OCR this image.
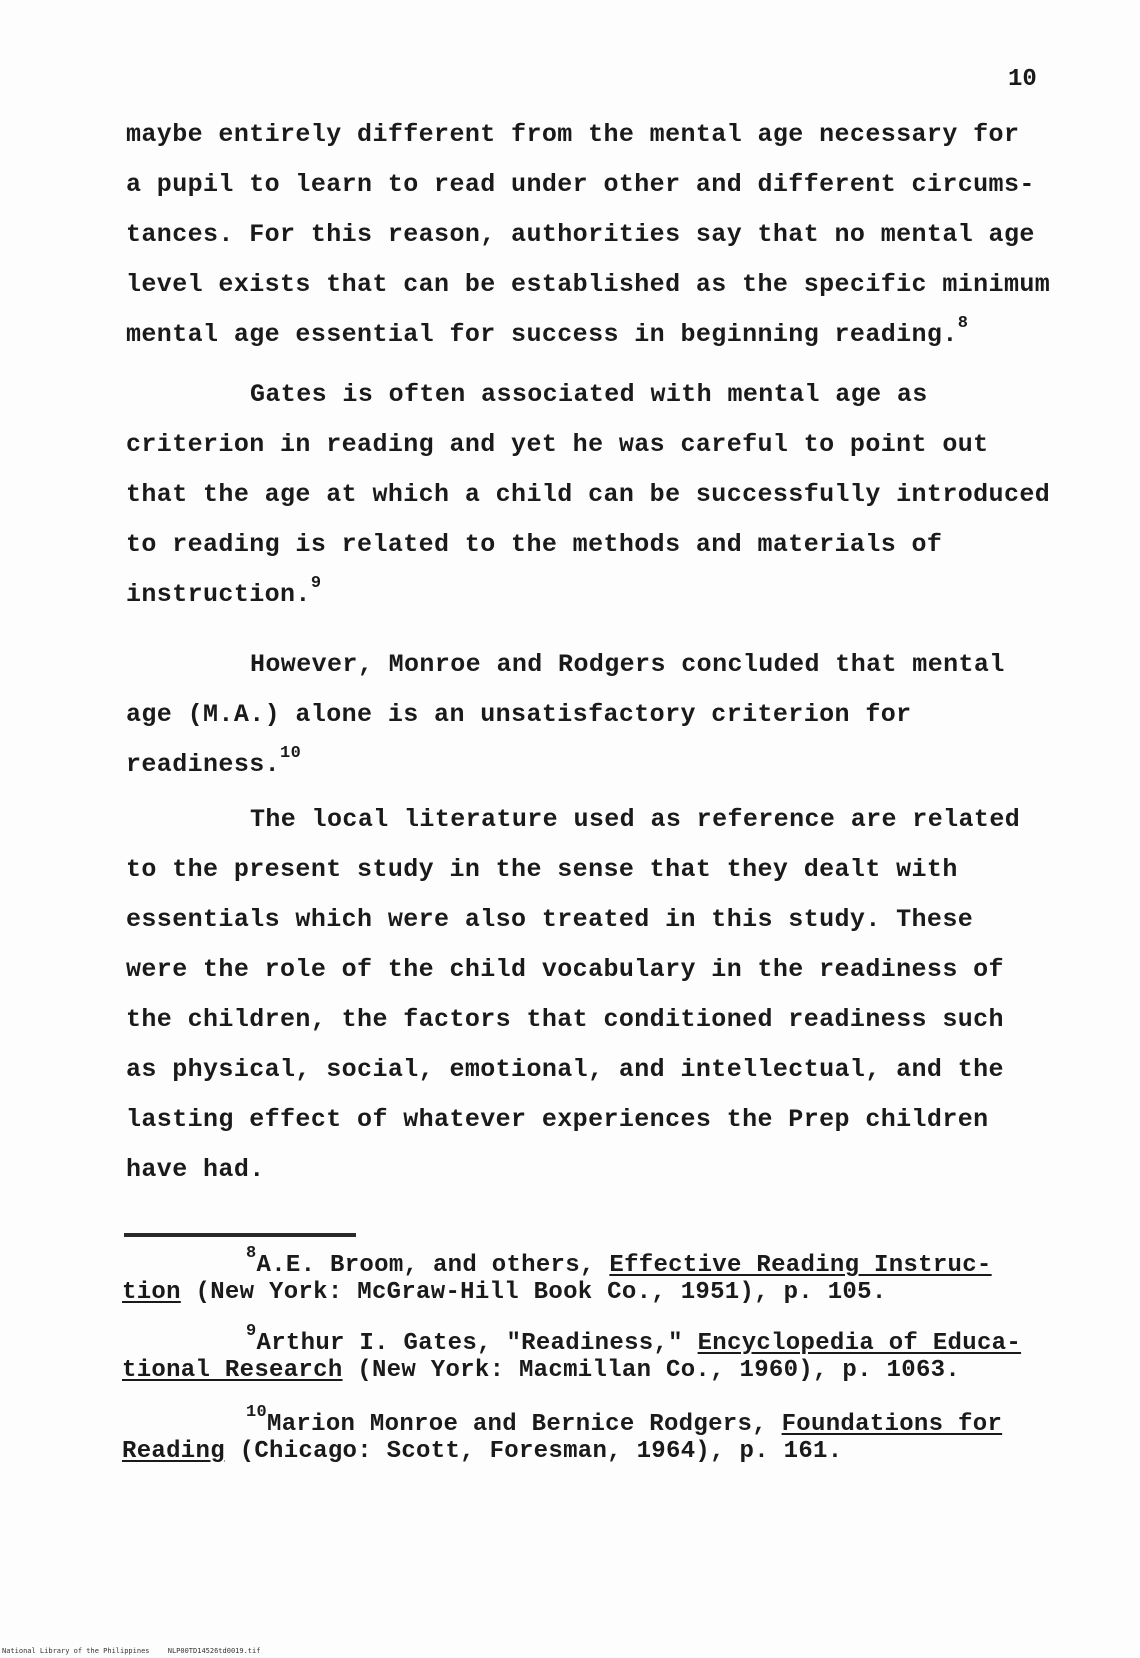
10
maybe entirely different from the mental age necessary for
a pupil to learn to read under other and different circums-
tances. For this reason, authorities say that no mental age
level exists that can be established as the specific minimum
mental age essential for success in beginning reading.$^8$
Gates is often associated with mental age as
criterion in reading and yet he was careful to point out
that the age at which a child can be successfully introduced
to reading is related to the methods and materials of
instruction.$^9$
However, Monroe and Rodgers concluded that mental
age (M.A.) alone is an unsatisfactory criterion for
readiness.$^{10}$
The local literature used as reference are related
to the present study in the sense that they dealt with
essentials which were also treated in this study. These
were the role of the child vocabulary in the readiness of
the children, the factors that conditioned readiness such
as physical, social, emotional, and intellectual, and the
lasting effect of whatever experiences the Prep children
have had.
$^8$A.E. Broom, and others, Effective Reading Instruc-
tion (New York: McGraw-Hill Book Co., 1951), p. 105.
$^9$Arthur I. Gates, "Readiness," Encyclopedia of Educa-
tional Research (New York: Macmillan Co., 1960), p. 1063.
$^{10}$Marion Monroe and Bernice Rodgers, Foundations for
Reading (Chicago: Scott, Foresman, 1964), p. 161.
National Library of the Philippines	NLP00TD14526td0019.tif
